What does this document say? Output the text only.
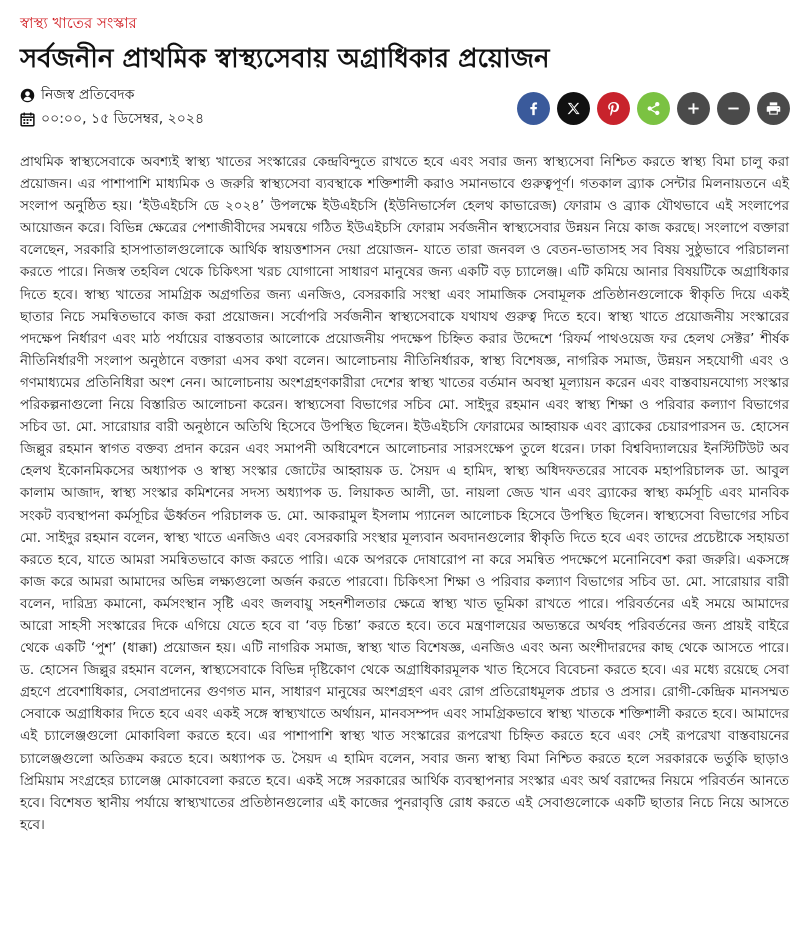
স্বাস্থ্য খাতের সংস্কার
সর্বজনীন প্রাথমিক স্বাস্থ্যসেবায় অগ্রাধিকার প্রয়োজন
নিজস্ব প্রতিবেদক
০০:০০, ১৫ ডিসেম্বর, ২০২৪

প্রাথমিক স্বাস্থ্যসেবাকে অবশ্যই স্বাস্থ্য খাতের সংস্কারের কেন্দ্রবিন্দুতে রাখতে হবে এবং সবার জন্য স্বাস্থ্যসেবা নিশ্চিত করতে স্বাস্থ্য বিমা চালু করা প্রয়োজন। এর পাশাপাশি মাধ্যমিক ও জরুরি স্বাস্থ্যসেবা ব্যবস্থাকে শক্তিশালী করাও সমানভাবে গুরুত্বপূর্ণ। গতকাল ব্র্যাক সেন্টার মিলনায়তনে এই সংলাপ অনুষ্ঠিত হয়। ‘ইউএইচসি ডে ২০২৪’ উপলক্ষে ইউএইচসি (ইউনিভার্সেল হেলথ কাভারেজ) ফোরাম ও ব্র্যাক যৌথভাবে এই সংলাপের আয়োজন করে। বিভিন্ন ক্ষেত্রের পেশাজীবীদের সমন্বয়ে গঠিত ইউএইচসি ফোরাম সর্বজনীন স্বাস্থ্যসেবার উন্নয়ন নিয়ে কাজ করছে। সংলাপে বক্তারা বলেছেন, সরকারি হাসপাতালগুলোকে আর্থিক স্বায়ত্তশাসন দেয়া প্রয়োজন- যাতে তারা জনবল ও বেতন-ভাতাসহ সব বিষয় সুষ্ঠুভাবে পরিচালনা করতে পারে। নিজস্ব তহবিল থেকে চিকিৎসা খরচ যোগানো সাধারণ মানুষের জন্য একটি বড় চ্যালেঞ্জ। এটি কমিয়ে আনার বিষয়টিকে অগ্রাধিকার দিতে হবে। স্বাস্থ্য খাতের সামগ্রিক অগ্রগতির জন্য এনজিও, বেসরকারি সংস্থা এবং সামাজিক সেবামূলক প্রতিষ্ঠানগুলোকে স্বীকৃতি দিয়ে একই ছাতার নিচে সমন্বিতভাবে কাজ করা প্রয়োজন। সর্বোপরি সর্বজনীন স্বাস্থ্যসেবাকে যথাযথ গুরুত্ব দিতে হবে। স্বাস্থ্য খাতে প্রয়োজনীয় সংস্কারের পদক্ষেপ নির্ধারণ এবং মাঠ পর্যায়ের বাস্তবতার আলোকে প্রয়োজনীয় পদক্ষেপ চিহ্নিত করার উদ্দেশে ‘রিফর্ম পাথওয়েজ ফর হেলথ সেক্টর’ শীর্ষক নীতিনির্ধারণী সংলাপ অনুষ্ঠানে বক্তারা এসব কথা বলেন। আলোচনায় নীতিনির্ধারক, স্বাস্থ্য বিশেষজ্ঞ, নাগরিক সমাজ, উন্নয়ন সহযোগী এবং ও গণমাধ্যমের প্রতিনিধিরা অংশ নেন। আলোচনায় অংশগ্রহণকারীরা দেশের স্বাস্থ্য খাতের বর্তমান অবস্থা মূল্যায়ন করেন এবং বাস্তবায়নযোগ্য সংস্কার পরিকল্পনাগুলো নিয়ে বিস্তারিত আলোচনা করেন। স্বাস্থ্যসেবা বিভাগের সচিব মো. সাইদুর রহমান এবং স্বাস্থ্য শিক্ষা ও পরিবার কল্যাণ বিভাগের সচিব ডা. মো. সারোয়ার বারী অনুষ্ঠানে অতিথি হিসেবে উপস্থিত ছিলেন। ইউএইচসি ফোরামের আহ্বায়ক এবং ব্র্যাকের চেয়ারপারসন ড. হোসেন জিল্লুর রহমান স্বাগত বক্তব্য প্রদান করেন এবং সমাপনী অধিবেশনে আলোচনার সারসংক্ষেপ তুলে ধরেন। ঢাকা বিশ্ববিদ্যালয়ের ইনস্টিটিউট অব হেলথ ইকোনমিকসের অধ্যাপক ও স্বাস্থ্য সংস্কার জোটের আহ্বায়ক ড. সৈয়দ এ হামিদ, স্বাস্থ্য অধিদফতরের সাবেক মহাপরিচালক ডা. আবুল কালাম আজাদ, স্বাস্থ্য সংস্কার কমিশনের সদস্য অধ্যাপক ড. লিয়াকত আলী, ডা. নায়লা জেড খান এবং ব্র্যাকের স্বাস্থ্য কর্মসূচি এবং মানবিক সংকট ব্যবস্থাপনা কর্মসূচির ঊর্ধ্বতন পরিচালক ড. মো. আকরামুল ইসলাম প্যানেল আলোচক হিসেবে উপস্থিত ছিলেন। স্বাস্থ্যসেবা বিভাগের সচিব মো. সাইদুর রহমান বলেন, স্বাস্থ্য খাতে এনজিও এবং বেসরকারি সংস্থার মূল্যবান অবদানগুলোর স্বীকৃতি দিতে হবে এবং তাদের প্রচেষ্টাকে সহায়তা করতে হবে, যাতে আমরা সমন্বিতভাবে কাজ করতে পারি। একে অপরকে দোষারোপ না করে সমন্বিত পদক্ষেপে মনোনিবেশ করা জরুরি। একসঙ্গে কাজ করে আমরা আমাদের অভিন্ন লক্ষ্যগুলো অর্জন করতে পারবো। চিকিৎসা শিক্ষা ও পরিবার কল্যাণ বিভাগের সচিব ডা. মো. সারোয়ার বারী বলেন, দারিদ্র্য কমানো, কর্মসংস্থান সৃষ্টি এবং জলবায়ু সহনশীলতার ক্ষেত্রে স্বাস্থ্য খাত ভূমিকা রাখতে পারে। পরিবর্তনের এই সময়ে আমাদের আরো সাহসী সংস্কারের দিকে এগিয়ে যেতে হবে বা ‘বড় চিন্তা’ করতে হবে। তবে মন্ত্রণালয়ের অভ্যন্তরে অর্থবহ পরিবর্তনের জন্য প্রায়ই বাইরে থেকে একটি ‘পুশ’ (ধাক্কা) প্রয়োজন হয়। এটি নাগরিক সমাজ, স্বাস্থ্য খাত বিশেষজ্ঞ, এনজিও এবং অন্য অংশীদারদের কাছ থেকে আসতে পারে। ড. হোসেন জিল্লুর রহমান বলেন, স্বাস্থ্যসেবাকে বিভিন্ন দৃষ্টিকোণ থেকে অগ্রাধিকারমূলক খাত হিসেবে বিবেচনা করতে হবে। এর মধ্যে রয়েছে সেবা গ্রহণে প্রবেশাধিকার, সেবাপ্রদানের গুণগত মান, সাধারণ মানুষের অংশগ্রহণ এবং রোগ প্রতিরোধমূলক প্রচার ও প্রসার। রোগী-কেন্দ্রিক মানসম্মত সেবাকে অগ্রাধিকার দিতে হবে এবং একই সঙ্গে স্বাস্থ্যখাতে অর্থায়ন, মানবসম্পদ এবং সামগ্রিকভাবে স্বাস্থ্য খাতকে শক্তিশালী করতে হবে। আমাদের এই চ্যালেঞ্জগুলো মোকাবিলা করতে হবে। এর পাশাপাশি স্বাস্থ্য খাত সংস্কারের রূপরেখা চিহ্নিত করতে হবে এবং সেই রূপরেখা বাস্তবায়নের চ্যালেঞ্জগুলো অতিক্রম করতে হবে। অধ্যাপক ড. সৈয়দ এ হামিদ বলেন, সবার জন্য স্বাস্থ্য বিমা নিশ্চিত করতে হলে সরকারকে ভর্তুকি ছাড়াও প্রিমিয়াম সংগ্রহের চ্যালেঞ্জ মোকাবেলা করতে হবে। একই সঙ্গে সরকারের আর্থিক ব্যবস্থাপনার সংস্কার এবং অর্থ বরাদ্দের নিয়মে পরিবর্তন আনতে হবে। বিশেষত স্থানীয় পর্যায়ে স্বাস্থ্যখাতের প্রতিষ্ঠানগুলোর এই কাজের পুনরাবৃত্তি রোধ করতে এই সেবাগুলোকে একটি ছাতার নিচে নিয়ে আসতে হবে।
